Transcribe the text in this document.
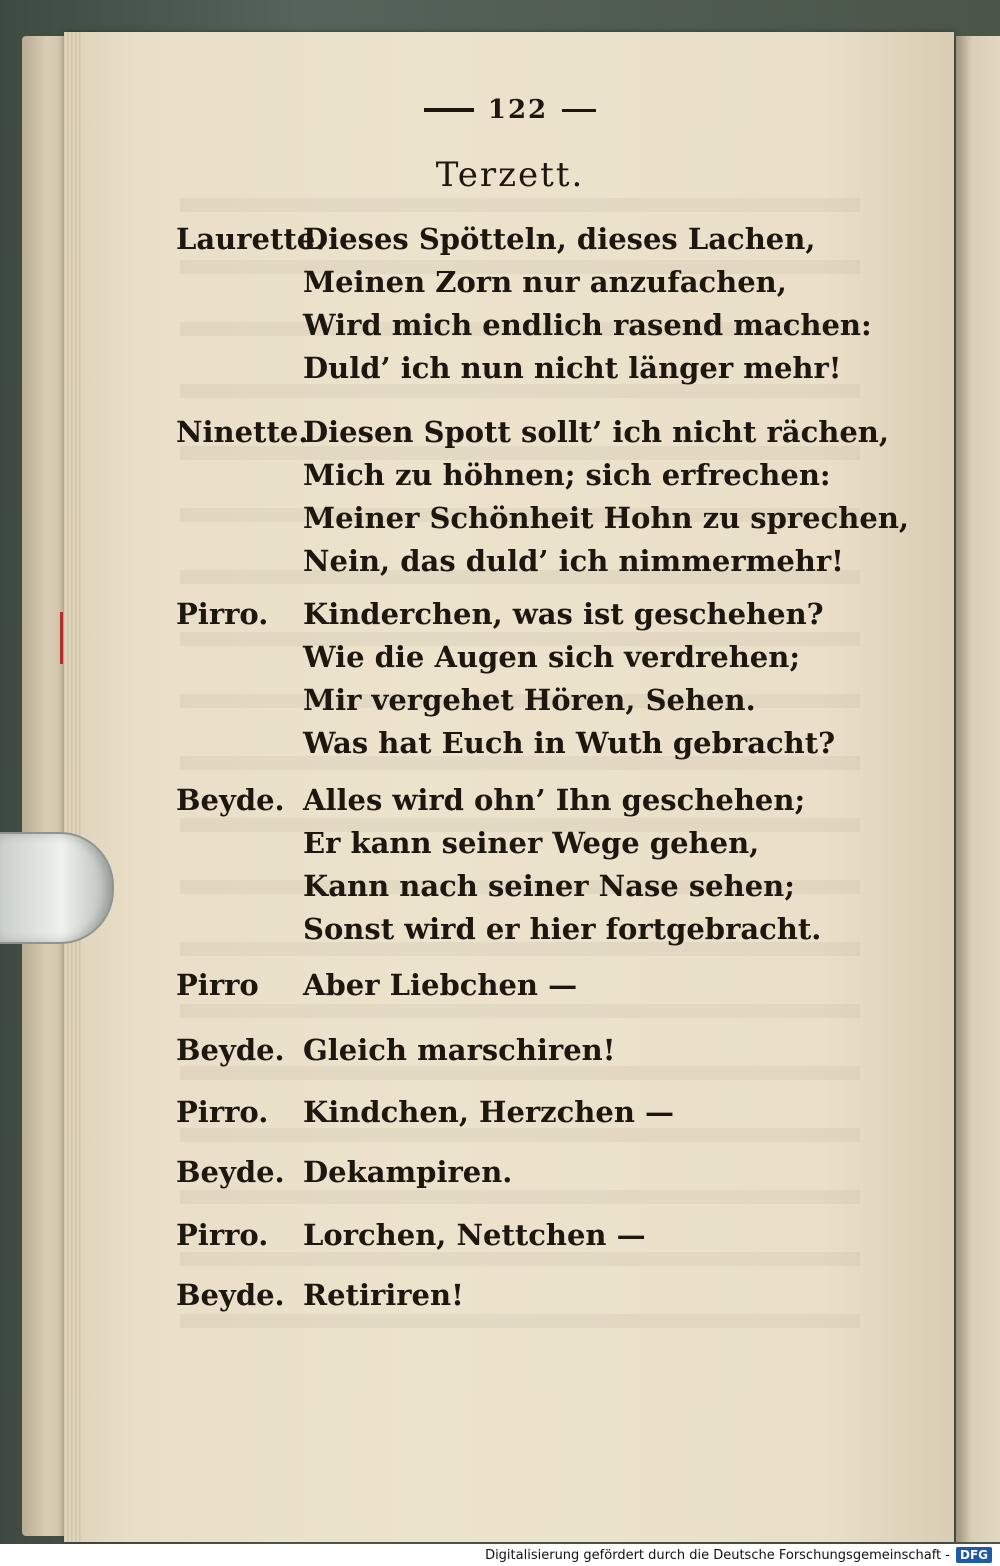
122
Terzett.
Laurette.
Dieses Spötteln, dieses Lachen,
Meinen Zorn nur anzufachen,
Wird mich endlich rasend machen:
Duld’ ich nun nicht länger mehr!
Ninette.
Diesen Spott sollt’ ich nicht rächen,
Mich zu höhnen; sich erfrechen:
Meiner Schönheit Hohn zu sprechen,
Nein, das duld’ ich nimmermehr!
Pirro. Kinderchen, was ist geschehen?
Wie die Augen sich verdrehen;
Mir vergehet Hören, Sehen.
Was hat Euch in Wuth gebracht?
Beyde. Alles wird ohn’ Ihn geschehen;
Er kann seiner Wege gehen,
Kann nach seiner Nase sehen;
Sonst wird er hier fortgebracht.
Pirro Aber Liebchen —
Beyde. Gleich marschiren!
Pirro. Kindchen, Herzchen —
Beyde. Dekampiren.
Pirro. Lorchen, Nettchen —
Beyde. Retiriren!
Digitalisierung gefördert durch die Deutsche Forschungsgemeinschaft - DFG
